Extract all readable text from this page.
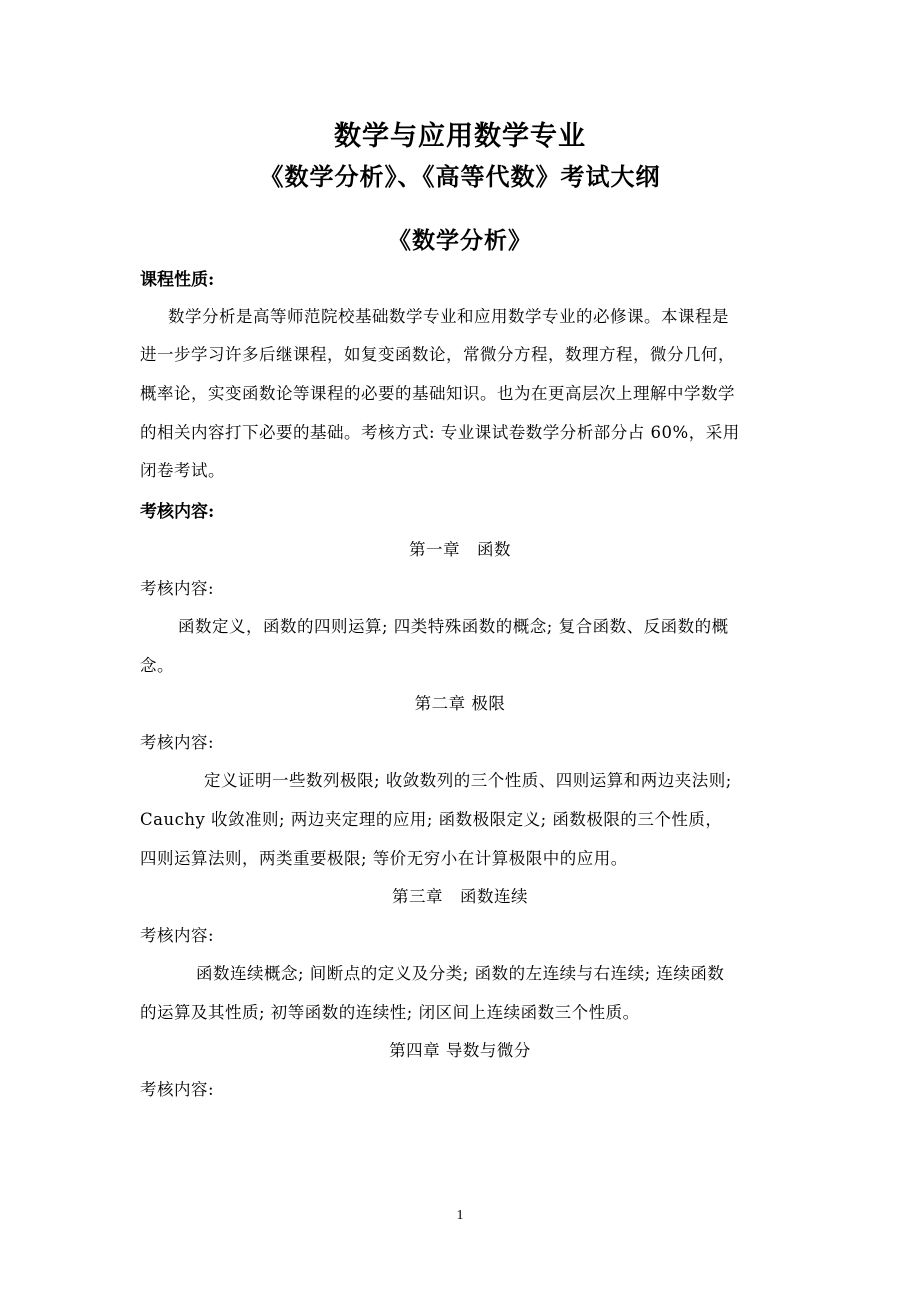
数学与应用数学专业
《数学分析》、《高等代数》考试大纲
《数学分析》
课程性质:
数学分析是高等师范院校基础数学专业和应用数学专业的必修课。本课程是
进一步学习许多后继课程，如复变函数论，常微分方程，数理方程，微分几何，
概率论，实变函数论等课程的必要的基础知识。也为在更高层次上理解中学数学
的相关内容打下必要的基础。考核方式: 专业课试卷数学分析部分占 60%，采用
闭卷考试。
考核内容:
第一章　函数
考核内容:
函数定义，函数的四则运算; 四类特殊函数的概念; 复合函数、反函数的概
念。
第二章 极限
考核内容:
定义证明一些数列极限; 收敛数列的三个性质、四则运算和两边夹法则;
Cauchy 收敛准则; 两边夹定理的应用; 函数极限定义; 函数极限的三个性质，
四则运算法则，两类重要极限; 等价无穷小在计算极限中的应用。
第三章　函数连续
考核内容:
函数连续概念; 间断点的定义及分类; 函数的左连续与右连续; 连续函数
的运算及其性质; 初等函数的连续性; 闭区间上连续函数三个性质。
第四章 导数与微分
考核内容:
1
